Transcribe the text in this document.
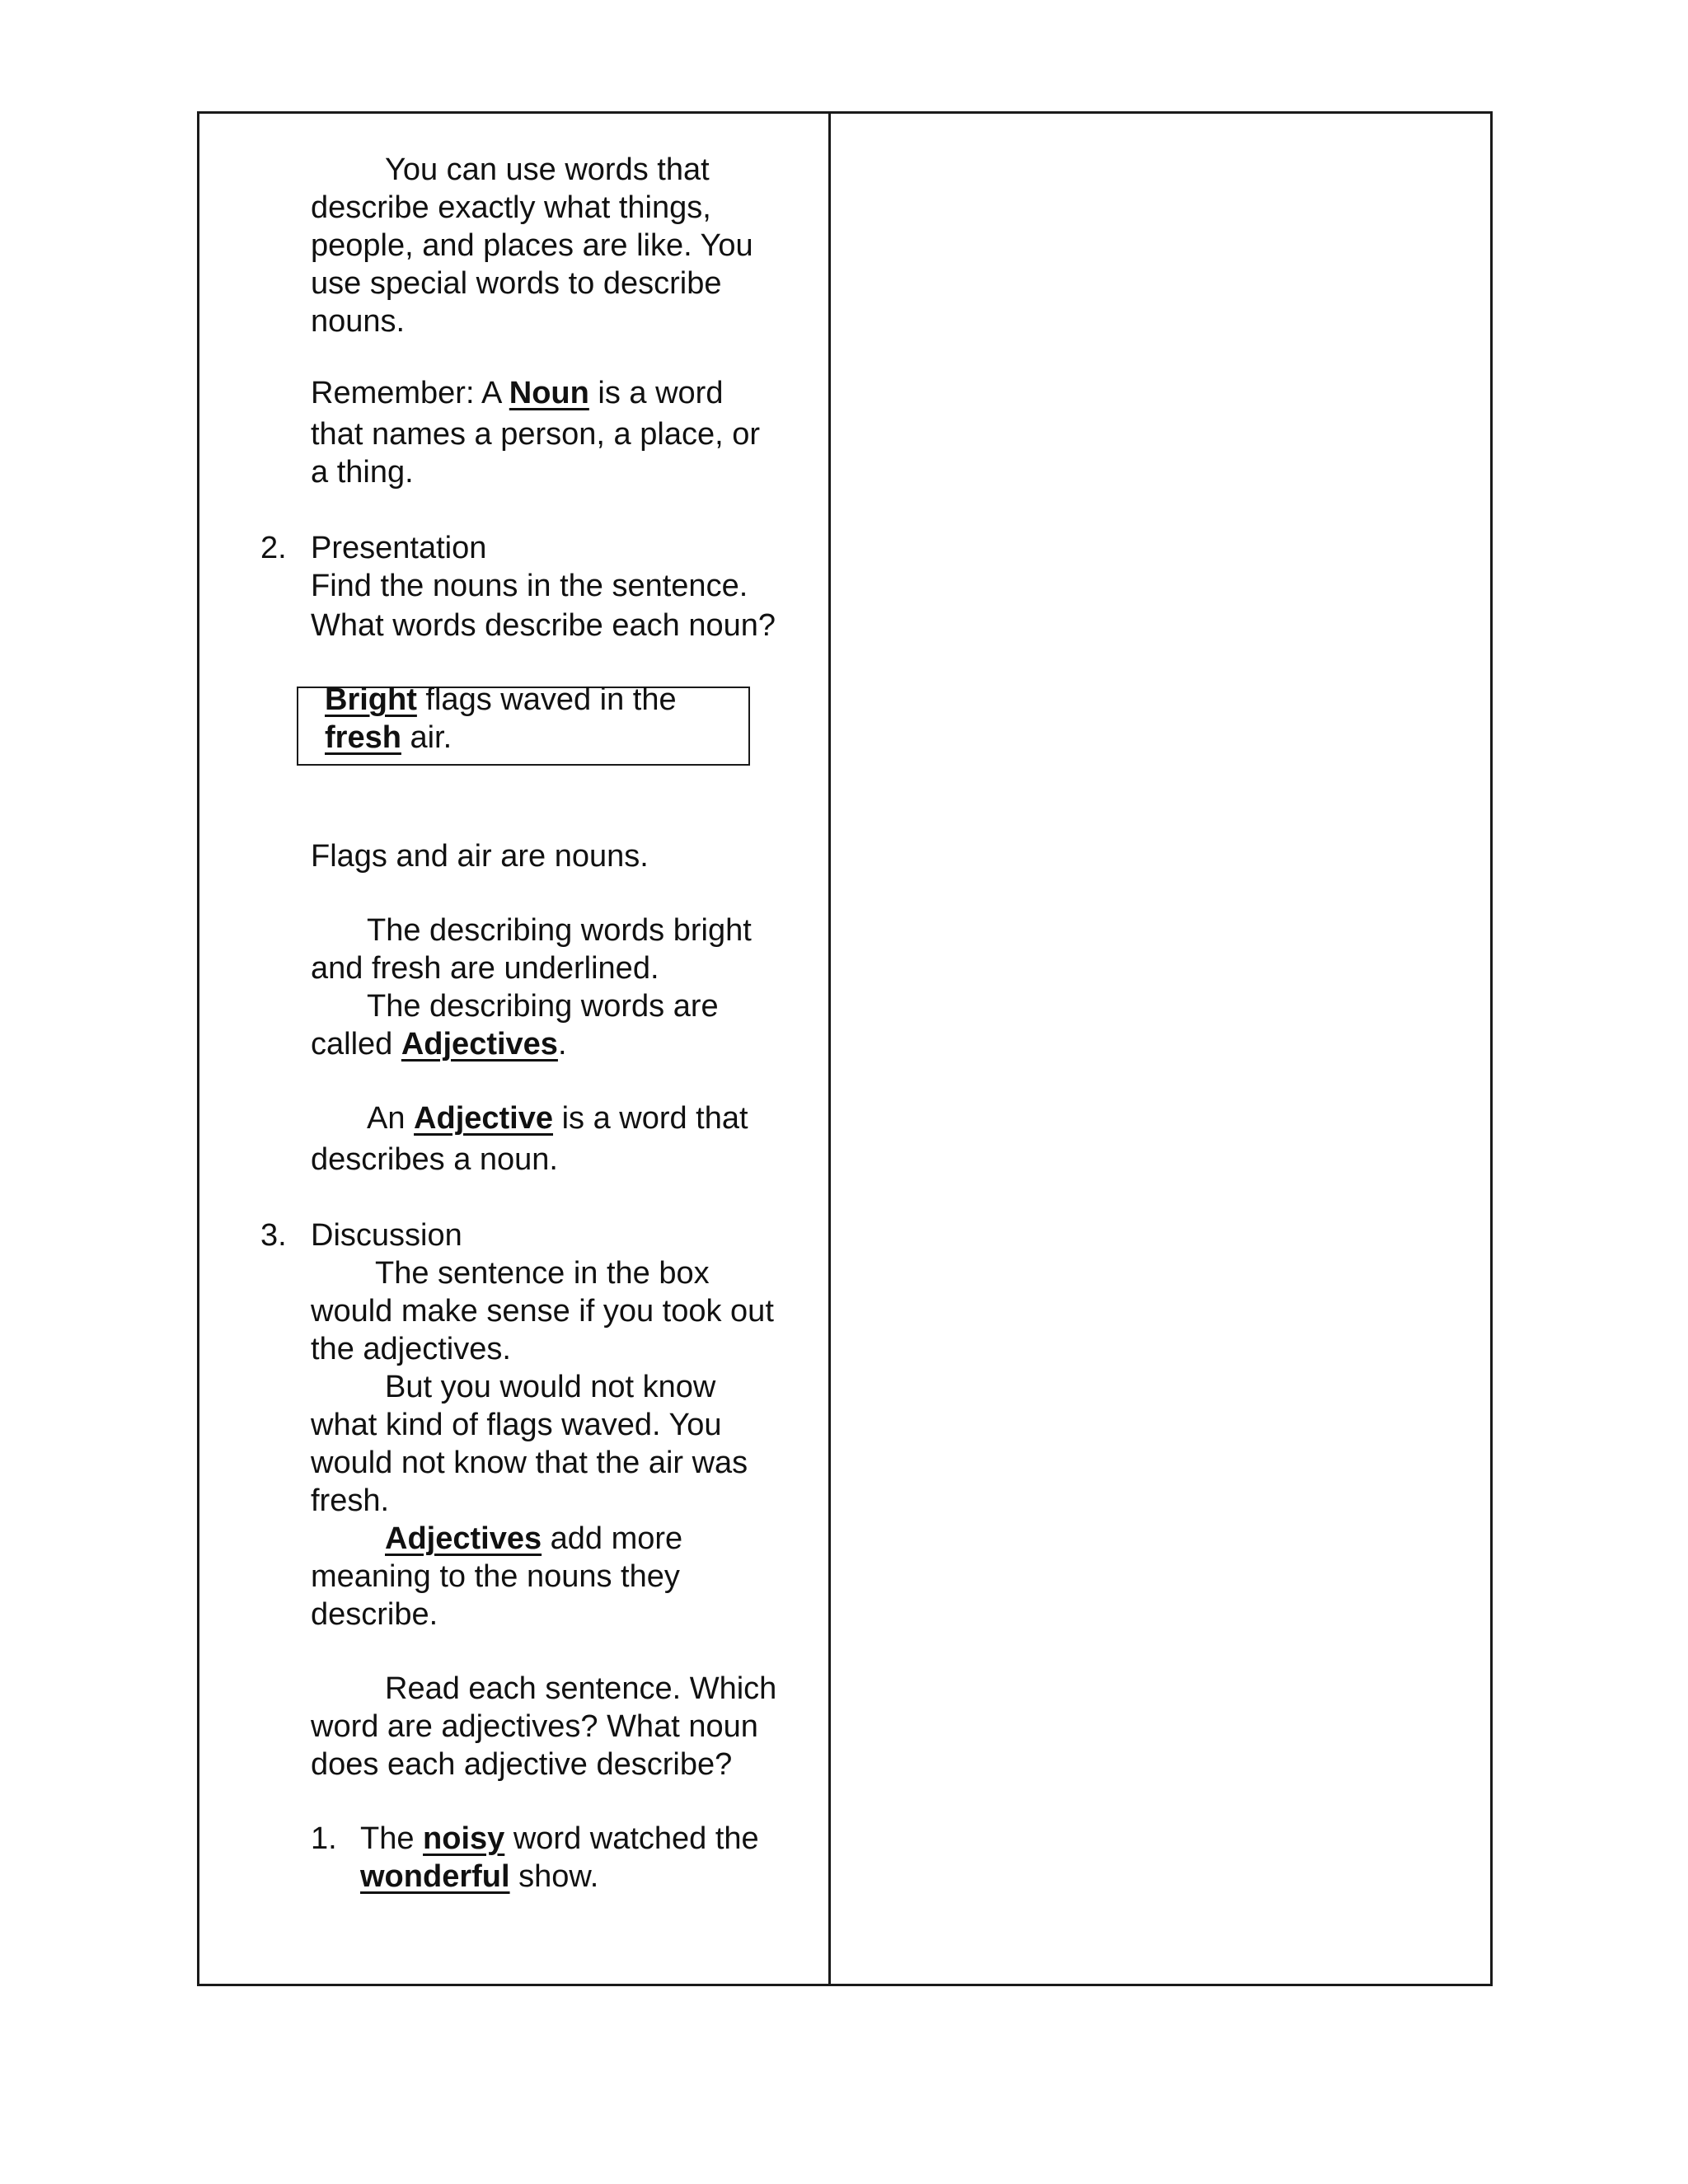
You can use words that
describe exactly what things,
people, and places are like. You
use special words to describe
nouns.
Remember: A Noun is a word
that names a person, a place, or
a thing.
2. Presentation
Find the nouns in the sentence.
What words describe each noun?
Bright flags waved in the
fresh air.
Flags and air are nouns.
The describing words bright
and fresh are underlined.
The describing words are
called Adjectives.
An Adjective is a word that
describes a noun.
3. Discussion
The sentence in the box
would make sense if you took out
the adjectives.
But you would not know
what kind of flags waved. You
would not know that the air was
fresh.
Adjectives add more
meaning to the nouns they
describe.
Read each sentence. Which
word are adjectives? What noun
does each adjective describe?
1. The noisy word watched the
wonderful show.
